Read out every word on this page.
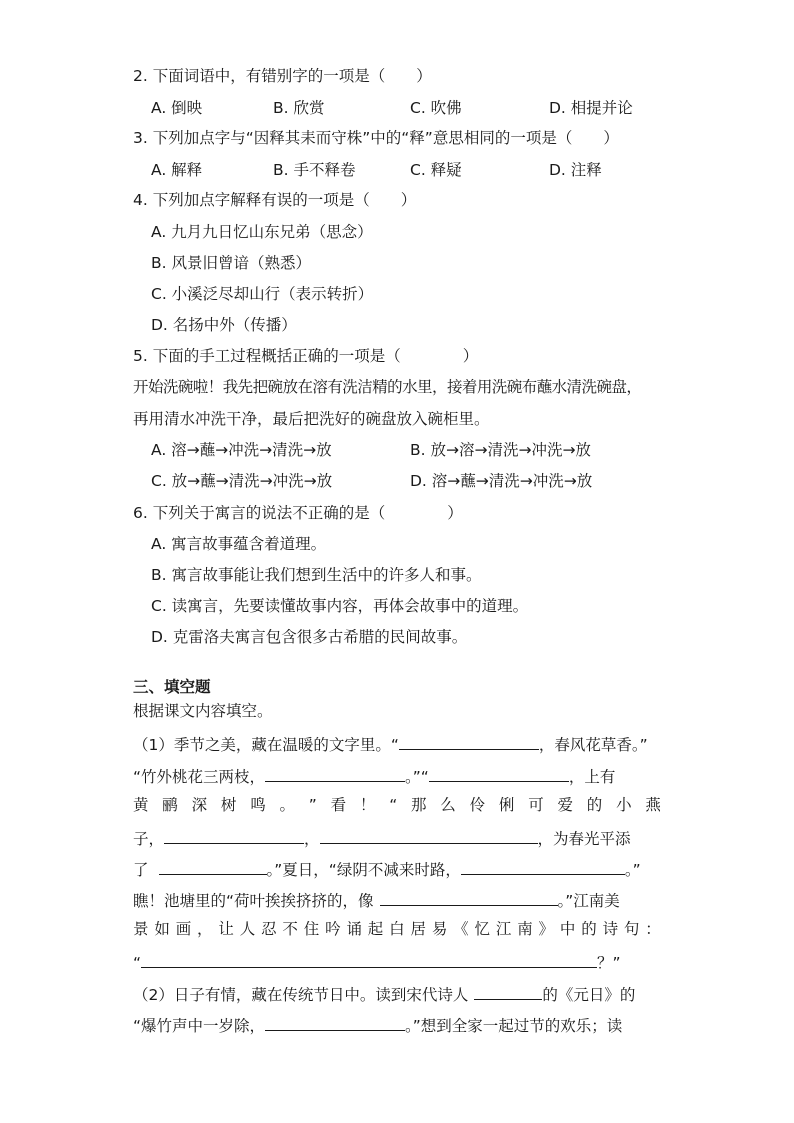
2. 下面词语中，有错别字的一项是（　　）
A. 倒映	B. 欣赏	C. 吹佛	D. 相提并论
3. 下列加点字与“因释其耒而守株”中的“释”意思相同的一项是（　　）
A. 解释	B. 手不释卷	C. 释疑	D. 注释
4. 下列加点字解释有误的一项是（　　）
A. 九月九日忆山东兄弟（思念）
B. 风景旧曾谙（熟悉）
C. 小溪泛尽却山行（表示转折）
D. 名扬中外（传播）
5. 下面的手工过程概括正确的一项是（　　　　）
开始洗碗啦！我先把碗放在溶有洗洁精的水里，接着用洗碗布蘸水清洗碗盘，
再用清水冲洗干净，最后把洗好的碗盘放入碗柜里。
A. 溶→蘸→冲洗→清洗→放	B. 放→溶→清洗→冲洗→放
C. 放→蘸→清洗→冲洗→放	D. 溶→蘸→清洗→冲洗→放
6. 下列关于寓言的说法不正确的是（　　　　）
A. 寓言故事蕴含着道理。
B. 寓言故事能让我们想到生活中的许多人和事。
C. 读寓言，先要读懂故事内容，再体会故事中的道理。
D. 克雷洛夫寓言包含很多古希腊的民间故事。
三、填空题
根据课文内容填空。
（1）季节之美，藏在温暖的文字里。“	，春风花草香。”
“竹外桃花三两枝，	。”“	，上有
黄 鹂 深 树 鸣 。 ” 看 ！ “ 那 么 伶 俐 可 爱 的 小 燕
子，	，	，为春光平添
了	。”夏日，“绿阴不减来时路，	。”
瞧！池塘里的“荷叶挨挨挤挤的，像	。”江南美
景 如 画 ， 让 人 忍 不 住 吟 诵 起 白 居 易 《 忆 江 南 》 中 的 诗 句 ：
“	？”
（2）日子有情，藏在传统节日中。读到宋代诗人	的《元日》的
“爆竹声中一岁除，	。”想到全家一起过节的欢乐；读
